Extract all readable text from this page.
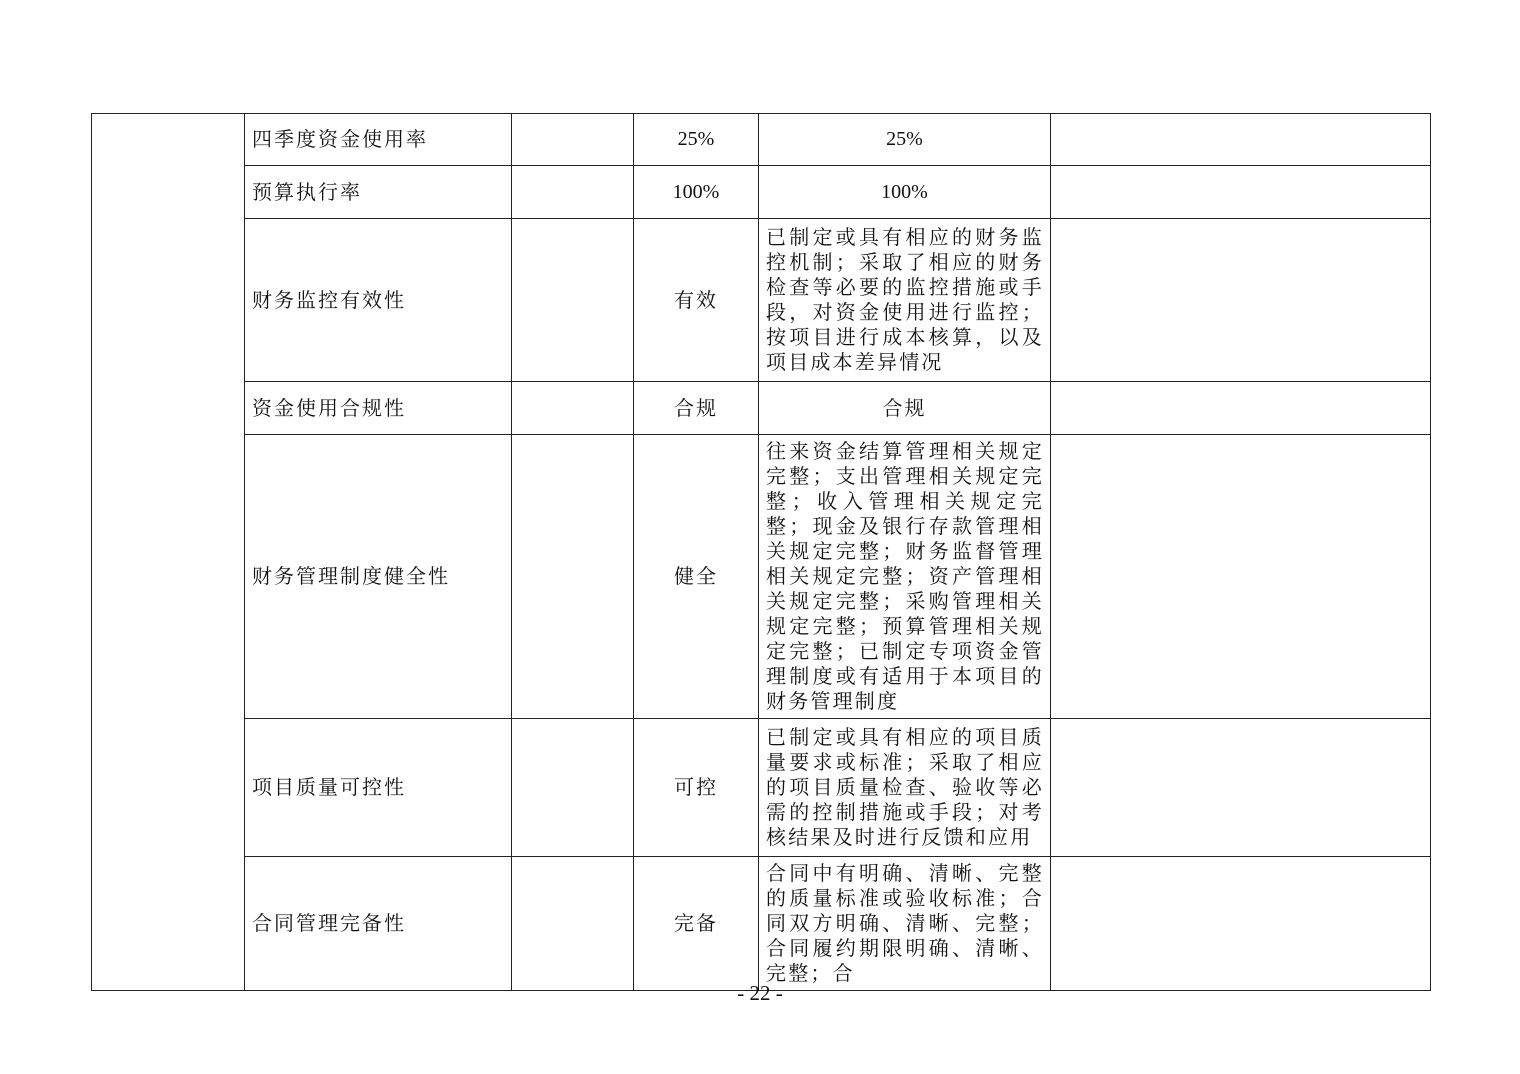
	四季度资金使用率		25%	25%	
	预算执行率		100%	100%	
	财务监控有效性		有效	已制定或具有相应的财务监控机制；采取了相应的财务检查等必要的监控措施或手段，对资金使用进行监控；按项目进行成本核算，以及项目成本差异情况	
	资金使用合规性		合规	合规	
	财务管理制度健全性		健全	往来资金结算管理相关规定完整；支出管理相关规定完整；收入管理相关规定完整；现金及银行存款管理相关规定完整；财务监督管理相关规定完整；资产管理相关规定完整；采购管理相关规定完整；预算管理相关规定完整；已制定专项资金管理制度或有适用于本项目的财务管理制度	
	项目质量可控性		可控	已制定或具有相应的项目质量要求或标准；采取了相应的项目质量检查、验收等必需的控制措施或手段；对考核结果及时进行反馈和应用	
	合同管理完备性		完备	合同中有明确、清晰、完整的质量标准或验收标准；合同双方明确、清晰、完整；合同履约期限明确、清晰、完整；合	
- 22 -
